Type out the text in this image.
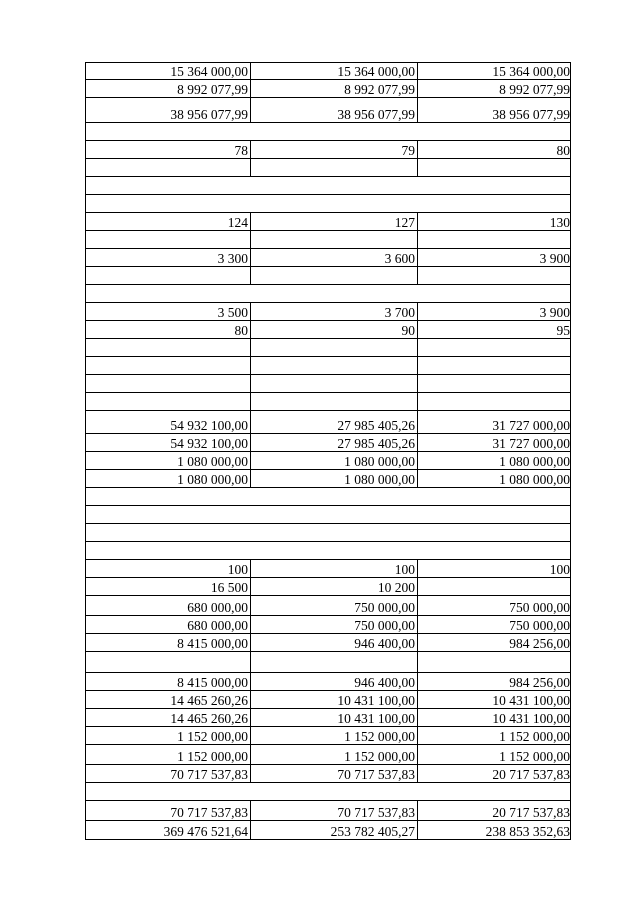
15 364 000,00	15 364 000,00	15 364 000,00
8 992 077,99	8 992 077,99	8 992 077,99
38 956 077,99	38 956 077,99	38 956 077,99
78	79	80
124	127	130
3 300	3 600	3 900
3 500	3 700	3 900
80	90	95
54 932 100,00	27 985 405,26	31 727 000,00
54 932 100,00	27 985 405,26	31 727 000,00
1 080 000,00	1 080 000,00	1 080 000,00
1 080 000,00	1 080 000,00	1 080 000,00
100	100	100
16 500	10 200
680 000,00	750 000,00	750 000,00
680 000,00	750 000,00	750 000,00
8 415 000,00	946 400,00	984 256,00
8 415 000,00	946 400,00	984 256,00
14 465 260,26	10 431 100,00	10 431 100,00
14 465 260,26	10 431 100,00	10 431 100,00
1 152 000,00	1 152 000,00	1 152 000,00
1 152 000,00	1 152 000,00	1 152 000,00
70 717 537,83	70 717 537,83	20 717 537,83
70 717 537,83	70 717 537,83	20 717 537,83
369 476 521,64	253 782 405,27	238 853 352,63
